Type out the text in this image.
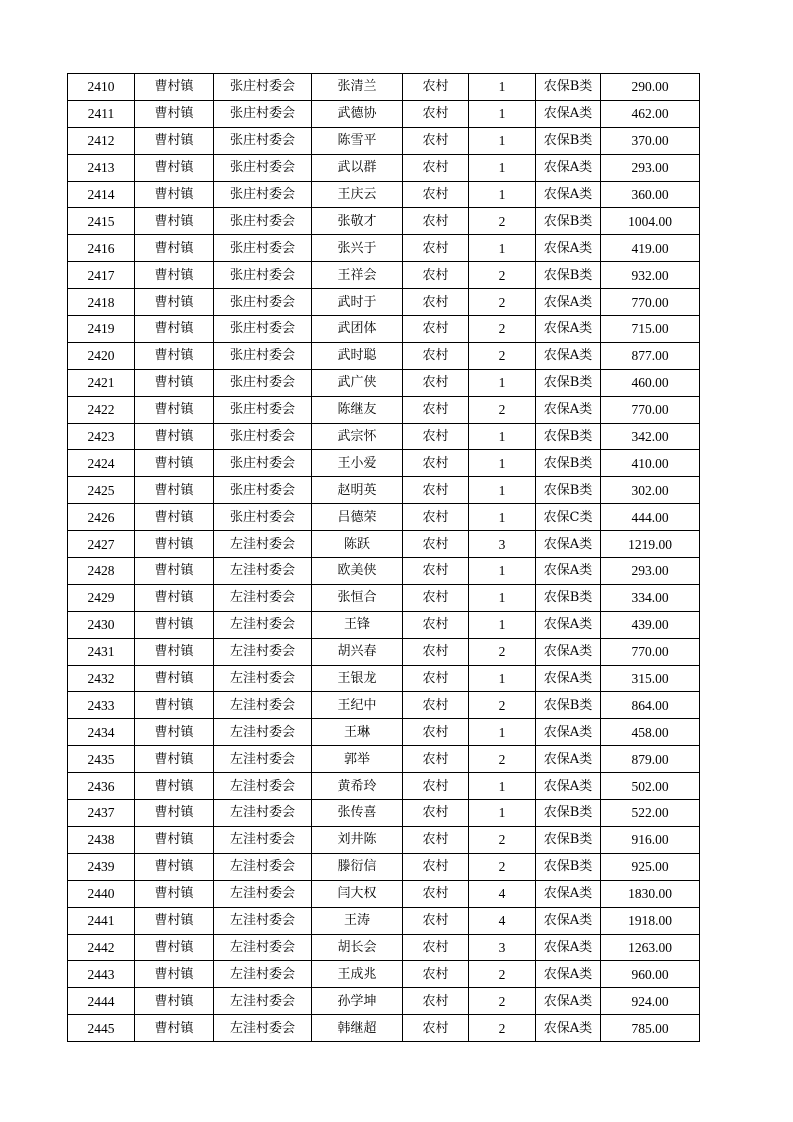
2410	曹村镇	张庄村委会	张清兰	农村	1	农保B类	290.00
2411	曹村镇	张庄村委会	武德协	农村	1	农保A类	462.00
2412	曹村镇	张庄村委会	陈雪平	农村	1	农保B类	370.00
2413	曹村镇	张庄村委会	武以群	农村	1	农保A类	293.00
2414	曹村镇	张庄村委会	王庆云	农村	1	农保A类	360.00
2415	曹村镇	张庄村委会	张敬才	农村	2	农保B类	1004.00
2416	曹村镇	张庄村委会	张兴于	农村	1	农保A类	419.00
2417	曹村镇	张庄村委会	王祥会	农村	2	农保B类	932.00
2418	曹村镇	张庄村委会	武时于	农村	2	农保A类	770.00
2419	曹村镇	张庄村委会	武团体	农村	2	农保A类	715.00
2420	曹村镇	张庄村委会	武时聪	农村	2	农保A类	877.00
2421	曹村镇	张庄村委会	武广侠	农村	1	农保B类	460.00
2422	曹村镇	张庄村委会	陈继友	农村	2	农保A类	770.00
2423	曹村镇	张庄村委会	武宗怀	农村	1	农保B类	342.00
2424	曹村镇	张庄村委会	王小爱	农村	1	农保B类	410.00
2425	曹村镇	张庄村委会	赵明英	农村	1	农保B类	302.00
2426	曹村镇	张庄村委会	吕德荣	农村	1	农保C类	444.00
2427	曹村镇	左洼村委会	陈跃	农村	3	农保A类	1219.00
2428	曹村镇	左洼村委会	欧美侠	农村	1	农保A类	293.00
2429	曹村镇	左洼村委会	张恒合	农村	1	农保B类	334.00
2430	曹村镇	左洼村委会	王锋	农村	1	农保A类	439.00
2431	曹村镇	左洼村委会	胡兴春	农村	2	农保A类	770.00
2432	曹村镇	左洼村委会	王银龙	农村	1	农保A类	315.00
2433	曹村镇	左洼村委会	王纪中	农村	2	农保B类	864.00
2434	曹村镇	左洼村委会	王琳	农村	1	农保A类	458.00
2435	曹村镇	左洼村委会	郭举	农村	2	农保A类	879.00
2436	曹村镇	左洼村委会	黄希玲	农村	1	农保A类	502.00
2437	曹村镇	左洼村委会	张传喜	农村	1	农保B类	522.00
2438	曹村镇	左洼村委会	刘井陈	农村	2	农保B类	916.00
2439	曹村镇	左洼村委会	滕衍信	农村	2	农保B类	925.00
2440	曹村镇	左洼村委会	闫大权	农村	4	农保A类	1830.00
2441	曹村镇	左洼村委会	王涛	农村	4	农保A类	1918.00
2442	曹村镇	左洼村委会	胡长会	农村	3	农保A类	1263.00
2443	曹村镇	左洼村委会	王成兆	农村	2	农保A类	960.00
2444	曹村镇	左洼村委会	孙学坤	农村	2	农保A类	924.00
2445	曹村镇	左洼村委会	韩继超	农村	2	农保A类	785.00
